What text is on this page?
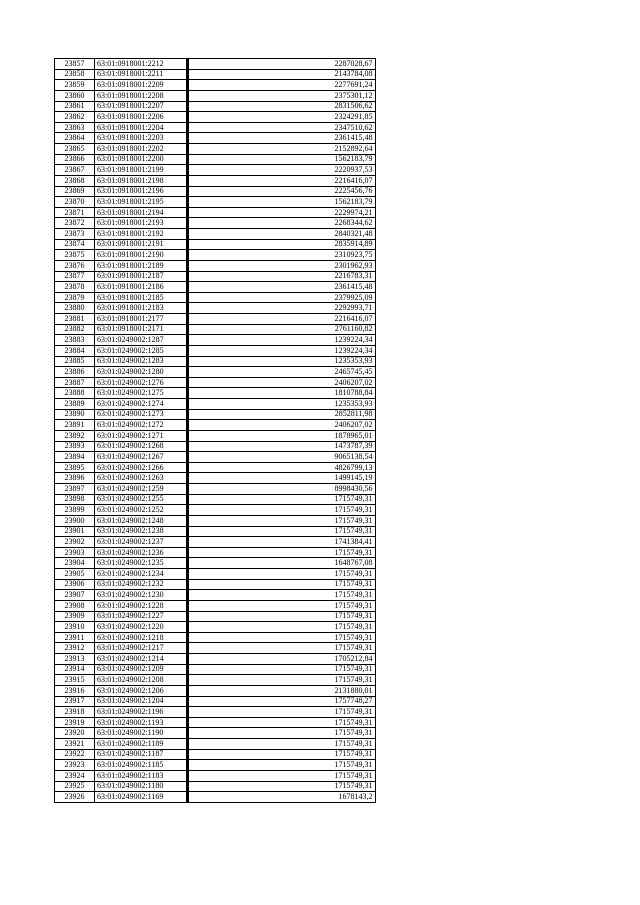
23857	63:01:0918001:2212		2287028,67
23858	63:01:0918001:2211		2143784,08
23859	63:01:0918001:2209		2277691,24
23860	63:01:0918001:2208		2375301,12
23861	63:01:0918001:2207		2831506,62
23862	63:01:0918001:2206		2324291,85
23863	63:01:0918001:2204		2347510,62
23864	63:01:0918001:2203		2361415,48
23865	63:01:0918001:2202		2152892,64
23866	63:01:0918001:2200		1562183,79
23867	63:01:0918001:2199		2220937,53
23868	63:01:0918001:2198		2216416,07
23869	63:01:0918001:2196		2225456,76
23870	63:01:0918001:2195		1562183,79
23871	63:01:0918001:2194		2229974,21
23872	63:01:0918001:2193		2268344,62
23873	63:01:0918001:2192		2840321,48
23874	63:01:0918001:2191		2835914,89
23875	63:01:0918001:2190		2310923,75
23876	63:01:0918001:2189		2301962,93
23877	63:01:0918001:2187		2216783,31
23878	63:01:0918001:2186		2361415,48
23879	63:01:0918001:2185		2379925,09
23880	63:01:0918001:2183		2292993,71
23881	63:01:0918001:2177		2216416,07
23882	63:01:0918001:2171		2761160,82
23883	63:01:0249002:1287		1239224,34
23884	63:01:0249002:1285		1239224,34
23885	63:01:0249002:1283		1235353,93
23886	63:01:0249002:1280		2465745,45
23887	63:01:0249002:1276		2406207,02
23888	63:01:0249002:1275		1810788,84
23889	63:01:0249002:1274		1235353,93
23890	63:01:0249002:1273		2852811,98
23891	63:01:0249002:1272		2406207,02
23892	63:01:0249002:1271		1878965,01
23893	63:01:0249002:1268		1473787,39
23894	63:01:0249002:1267		9065138,54
23895	63:01:0249002:1266		4826799,13
23896	63:01:0249002:1263		1499145,19
23897	63:01:0249002:1259		8998430,56
23898	63:01:0249002:1255		1715749,31
23899	63:01:0249002:1252		1715749,31
23900	63:01:0249002:1248		1715749,31
23901	63:01:0249002:1238		1715749,31
23902	63:01:0249002:1237		1741384,41
23903	63:01:0249002:1236		1715749,31
23904	63:01:0249002:1235		1648767,08
23905	63:01:0249002:1234		1715749,31
23906	63:01:0249002:1232		1715749,31
23907	63:01:0249002:1230		1715749,31
23908	63:01:0249002:1228		1715749,31
23909	63:01:0249002:1227		1715749,31
23910	63:01:0249002:1220		1715749,31
23911	63:01:0249002:1218		1715749,31
23912	63:01:0249002:1217		1715749,31
23913	63:01:0249002:1214		1705212,84
23914	63:01:0249002:1209		1715749,31
23915	63:01:0249002:1208		1715749,31
23916	63:01:0249002:1206		2131880,01
23917	63:01:0249002:1204		1757748,27
23918	63:01:0249002:1196		1715749,31
23919	63:01:0249002:1193		1715749,31
23920	63:01:0249002:1190		1715749,31
23921	63:01:0249002:1189		1715749,31
23922	63:01:0249002:1187		1715749,31
23923	63:01:0249002:1185		1715749,31
23924	63:01:0249002:1183		1715749,31
23925	63:01:0249002:1180		1715749,31
23926	63:01:0249002:1169		1678143,2
